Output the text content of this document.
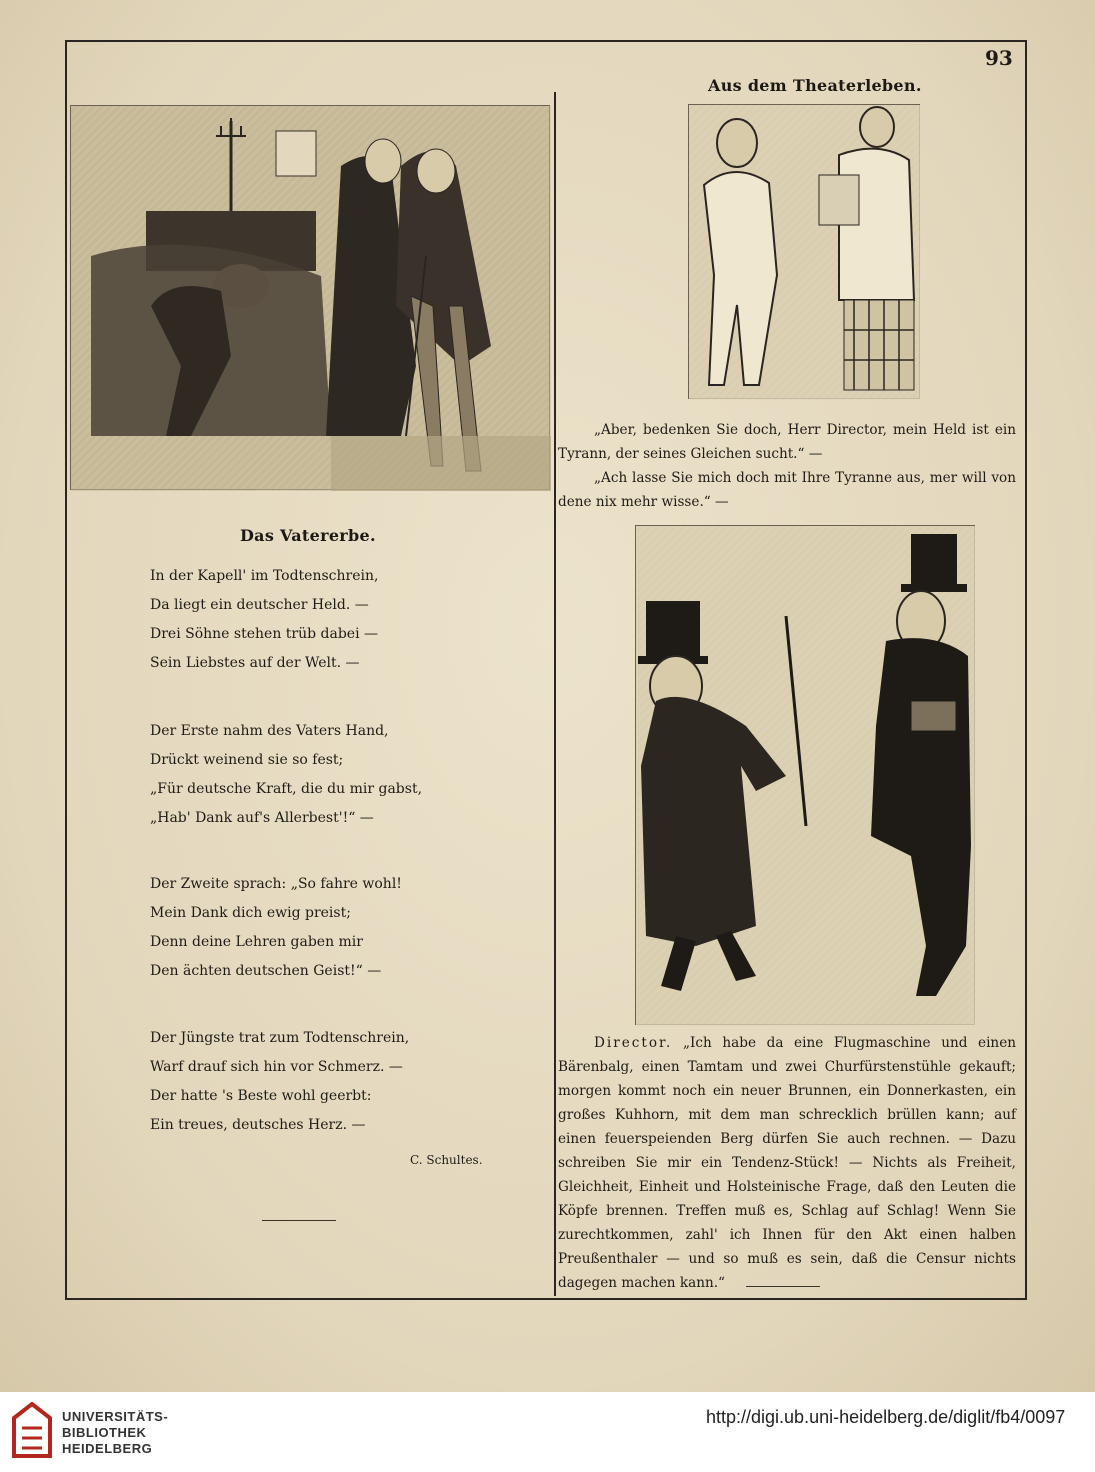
93
Das Vatererbe.
In der Kapell' im Todtenschrein,
Da liegt ein deutscher Held. —
Drei Söhne stehen trüb dabei —
Sein Liebstes auf der Welt. —
Der Erste nahm des Vaters Hand,
Drückt weinend sie so fest;
„Für deutsche Kraft, die du mir gabst,
„Hab' Dank auf's Allerbest'!“ —
Der Zweite sprach: „So fahre wohl!
Mein Dank dich ewig preist;
Denn deine Lehren gaben mir
Den ächten deutschen Geist!“ —
Der Jüngste trat zum Todtenschrein,
Warf drauf sich hin vor Schmerz. —
Der hatte 's Beste wohl geerbt:
Ein treues, deutsches Herz. —
C. Schultes.
Aus dem Theaterleben.
„Aber, bedenken Sie doch, Herr Director, mein Held ist ein Tyrann, der seines Gleichen sucht.“ —
„Ach lasse Sie mich doch mit Ihre Tyranne aus, mer will von dene nix mehr wisse.“ —
Director. „Ich habe da eine Flugmaschine und einen Bärenbalg, einen Tamtam und zwei Churfürstenstühle gekauft; morgen kommt noch ein neuer Brunnen, ein Donnerkasten, ein großes Kuhhorn, mit dem man schrecklich brüllen kann; auf einen feuerspeienden Berg dürfen Sie auch rechnen. — Dazu schreiben Sie mir ein Tendenz-Stück! — Nichts als Freiheit, Gleichheit, Einheit und Holsteinische Frage, daß den Leuten die Köpfe brennen. Treffen muß es, Schlag auf Schlag! Wenn Sie zurechtkommen, zahl' ich Ihnen für den Akt einen halben Preußenthaler — und so muß es sein, daß die Censur nichts dagegen machen kann.“
UNIVERSITÄTS-
BIBLIOTHEK
HEIDELBERG
http://digi.ub.uni-heidelberg.de/diglit/fb4/0097
